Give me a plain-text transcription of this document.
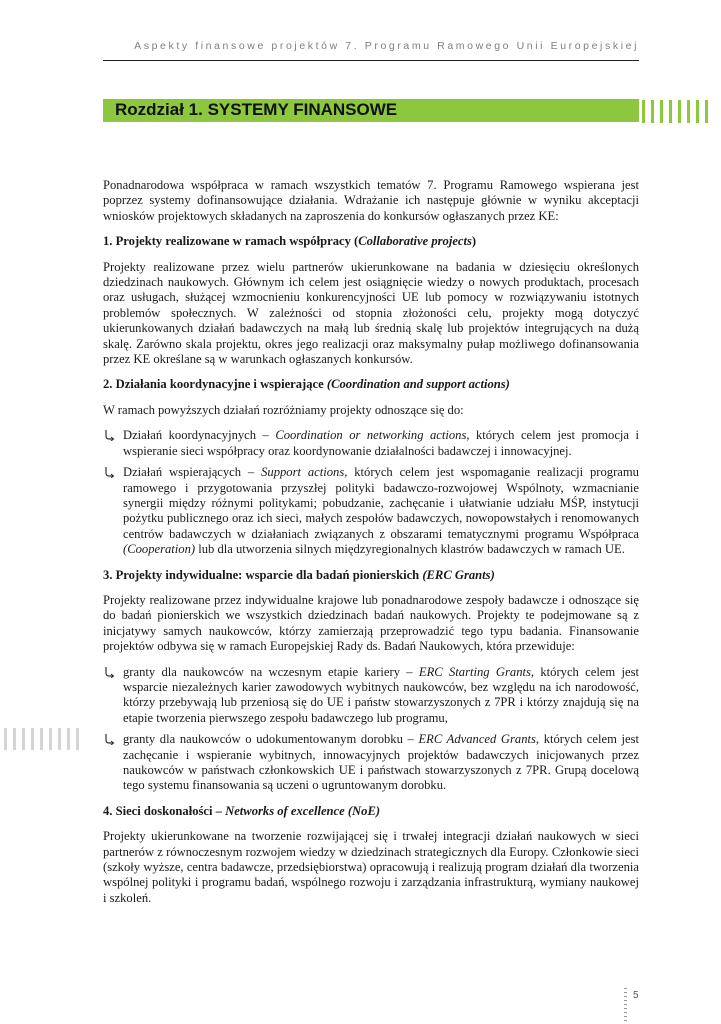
Aspekty finansowe projektów 7. Programu Ramowego Unii Europejskiej
Rozdział 1. SYSTEMY FINANSOWE

Ponadnarodowa współpraca w ramach wszystkich tematów 7. Programu Ramowego wspierana jest poprzez systemy dofinansowujące działania. Wdrażanie ich następuje głównie w wyniku akceptacji wniosków projektowych składanych na zaproszenia do konkursów ogłaszanych przez KE:

1. Projekty realizowane w ramach współpracy (Collaborative projects)

Projekty realizowane przez wielu partnerów ukierunkowane na badania w dziesięciu określonych dziedzinach naukowych. Głównym ich celem jest osiągnięcie wiedzy o nowych produktach, procesach oraz usługach, służącej wzmocnieniu konkurencyjności UE lub pomocy w rozwiązywaniu istotnych problemów społecznych. W zależności od stopnia złożoności celu, projekty mogą dotyczyć ukierunkowanych działań badawczych na małą lub średnią skalę lub projektów integrujących na dużą skalę. Zarówno skala projektu, okres jego realizacji oraz maksymalny pułap możliwego dofinansowania przez KE określane są w warunkach ogłaszanych konkursów.

2. Działania koordynacyjne i wspierające (Coordination and support actions)

W ramach powyższych działań rozróżniamy projekty odnoszące się do:

Działań koordynacyjnych – Coordination or networking actions, których celem jest promocja i wspieranie sieci współpracy oraz koordynowanie działalności badawczej i innowacyjnej.
Działań wspierających – Support actions, których celem jest wspomaganie realizacji programu ramowego i przygotowania przyszłej polityki badawczo-rozwojowej Wspólnoty, wzmacnianie synergii między różnymi politykami; pobudzanie, zachęcanie i ułatwianie udziału MŚP, instytucji pożytku publicznego oraz ich sieci, małych zespołów badawczych, nowopowstałych i renomowanych centrów badawczych w działaniach związanych z obszarami tematycznymi programu Współpraca (Cooperation) lub dla utworzenia silnych międzyregionalnych klastrów badawczych w ramach UE.
3. Projekty indywidualne: wsparcie dla badań pionierskich (ERC Grants)

Projekty realizowane przez indywidualne krajowe lub ponadnarodowe zespoły badawcze i odnoszące się do badań pionierskich we wszystkich dziedzinach badań naukowych. Projekty te podejmowane są z inicjatywy samych naukowców, którzy zamierzają przeprowadzić tego typu badania. Finansowanie projektów odbywa się w ramach Europejskiej Rady ds. Badań Naukowych, która przewiduje:

granty dla naukowców na wczesnym etapie kariery – ERC Starting Grants, których celem jest wsparcie niezależnych karier zawodowych wybitnych naukowców, bez względu na ich narodowość, którzy przebywają lub przeniosą się do UE i państw stowarzyszonych z 7PR i którzy znajdują się na etapie tworzenia pierwszego zespołu badawczego lub programu,
granty dla naukowców o udokumentowanym dorobku – ERC Advanced Grants, których celem jest zachęcanie i wspieranie wybitnych, innowacyjnych projektów badawczych inicjowanych przez naukowców w państwach członkowskich UE i państwach stowarzyszonych z 7PR. Grupą docelową tego systemu finansowania są uczeni o ugruntowanym dorobku.
4. Sieci doskonałości – Networks of excellence (NoE)

Projekty ukierunkowane na tworzenie rozwijającej się i trwałej integracji działań naukowych w sieci partnerów z równoczesnym rozwojem wiedzy w dziedzinach strategicznych dla Europy. Członkowie sieci (szkoły wyższe, centra badawcze, przedsiębiorstwa) opracowują i realizują program działań dla tworzenia wspólnej polityki i programu badań, wspólnego rozwoju i zarządzania infrastrukturą, wymiany naukowej i szkoleń.

5
